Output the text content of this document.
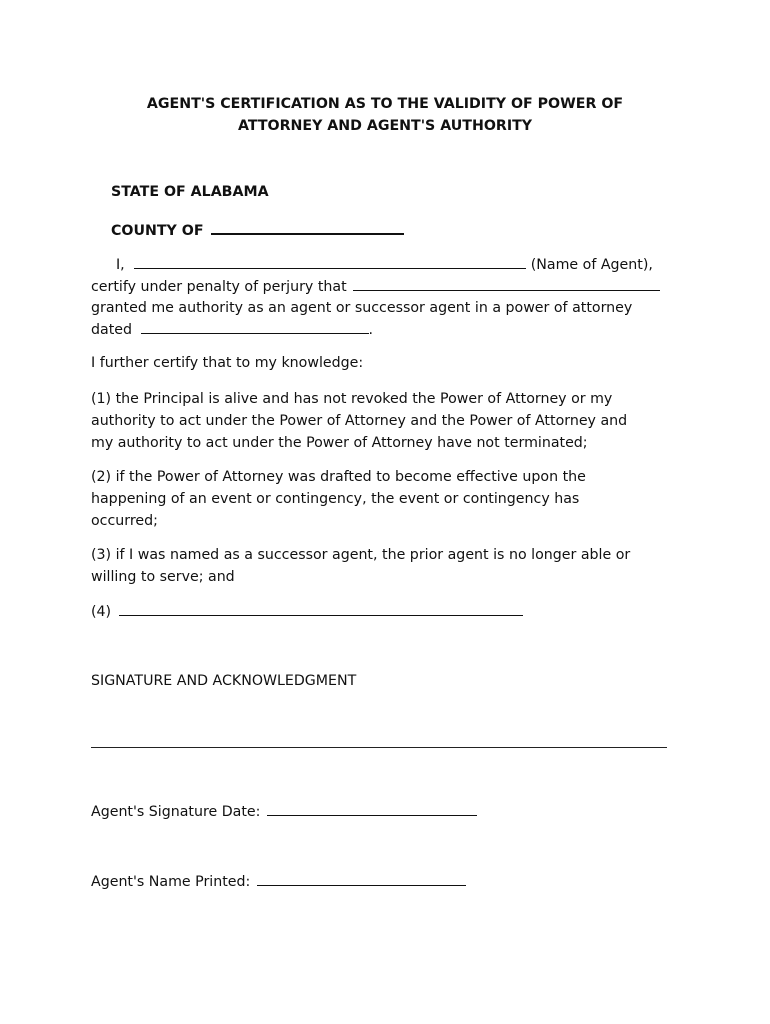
AGENT'S CERTIFICATION AS TO THE VALIDITY OF POWER OF
ATTORNEY AND AGENT'S AUTHORITY
STATE OF ALABAMA
COUNTY OF
I,	(Name of Agent),
certify under penalty of perjury that
granted me authority as an agent or successor agent in a power of attorney
dated	.
I further certify that to my knowledge:
(1) the Principal is alive and has not revoked the Power of Attorney or my
authority to act under the Power of Attorney and the Power of Attorney and
my authority to act under the Power of Attorney have not terminated;
(2) if the Power of Attorney was drafted to become effective upon the
happening of an event or contingency, the event or contingency has
occurred;
(3) if I was named as a successor agent, the prior agent is no longer able or
willing to serve; and
(4)
SIGNATURE AND ACKNOWLEDGMENT
Agent's Signature Date:
Agent's Name Printed:
